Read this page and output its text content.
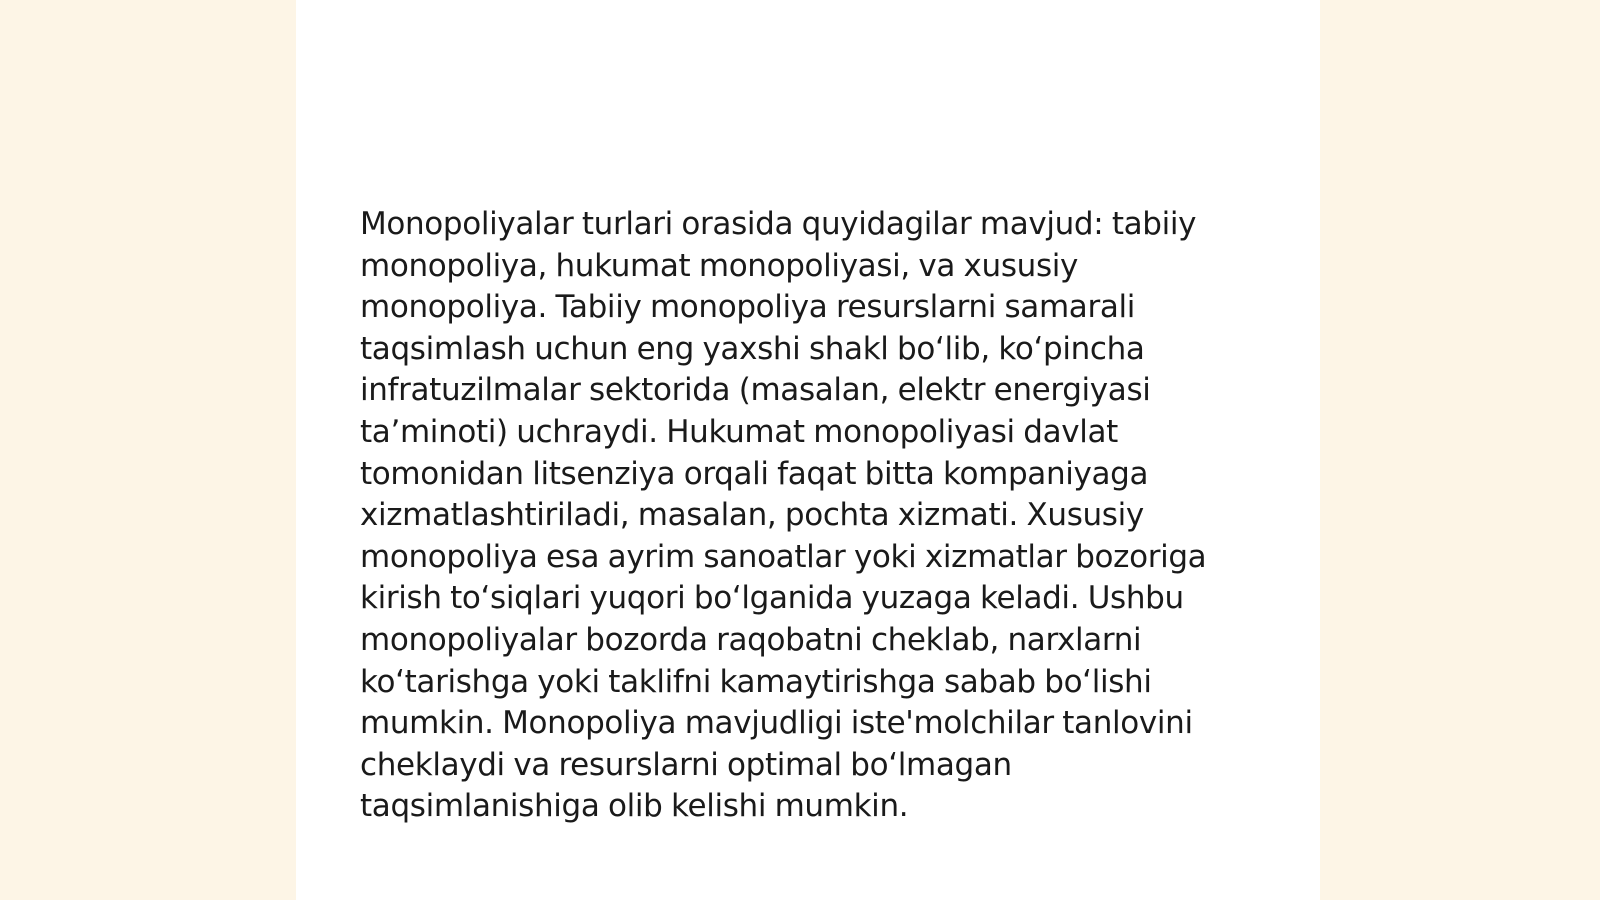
Monopoliyalar turlari orasida quyidagilar mavjud: tabiiy monopoliya, hukumat monopoliyasi, va xususiy monopoliya. Tabiiy monopoliya resurslarni samarali taqsimlash uchun eng yaxshi shakl boʻlib, koʻpincha infratuzilmalar sektorida (masalan, elektr energiyasi taʼminoti) uchraydi. Hukumat monopoliyasi davlat tomonidan litsenziya orqali faqat bitta kompaniyaga xizmatlashtiriladi, masalan, pochta xizmati. Xususiy monopoliya esa ayrim sanoatlar yoki xizmatlar bozoriga kirish toʻsiqlari yuqori boʻlganida yuzaga keladi. Ushbu monopoliyalar bozorda raqobatni cheklab, narxlarni koʻtarishga yoki taklifni kamaytirishga sabab boʻlishi mumkin. Monopoliya mavjudligi iste'molchilar tanlovini cheklaydi va resurslarni optimal boʻlmagan taqsimlanishiga olib kelishi mumkin.
